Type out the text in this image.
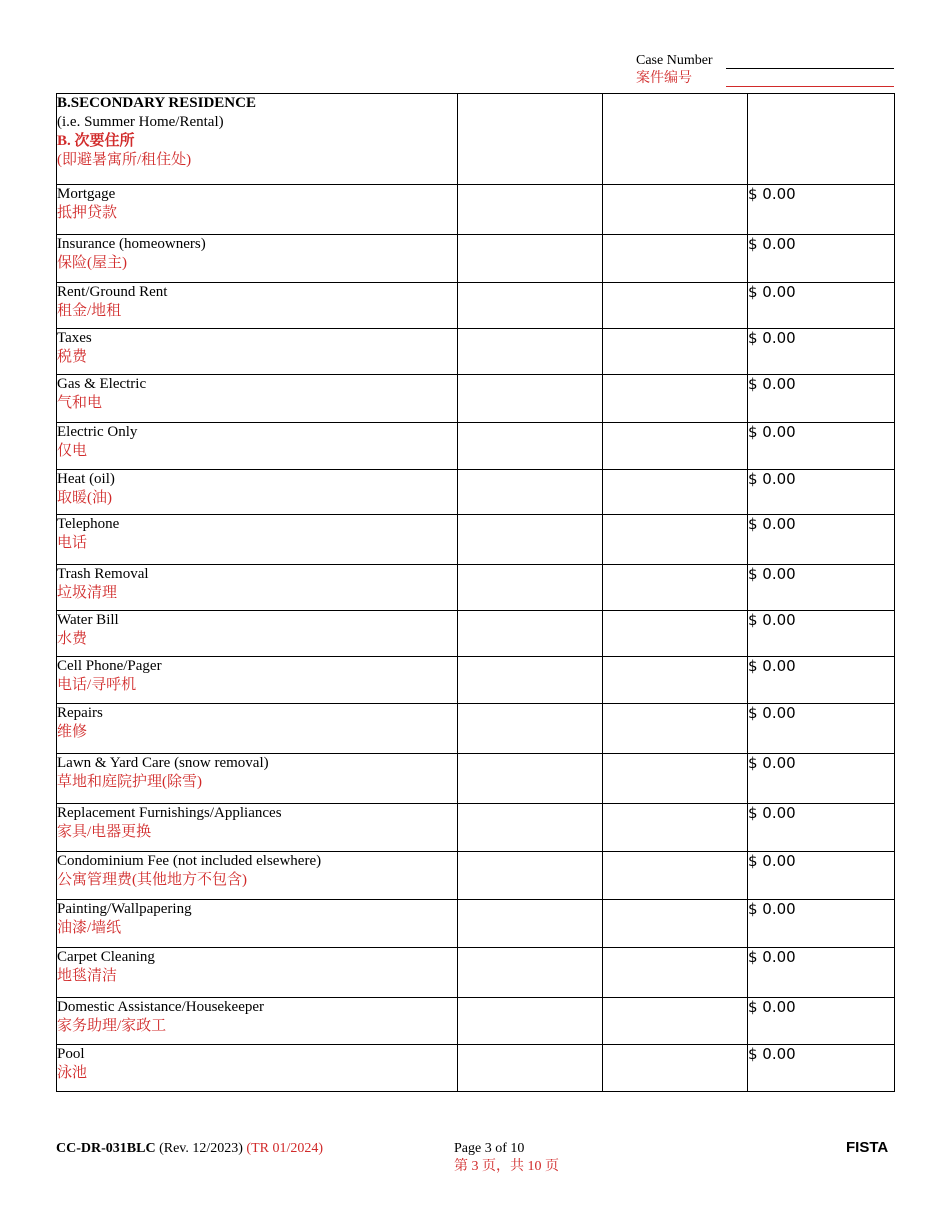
Case Number
案件编号
B.SECONDARY RESIDENCE
(i.e. Summer Home/Rental)
B. 次要住所
(即避暑寓所/租住处)			

Mortgage
抵押贷款			$ 0.00

Insurance (homeowners)
保险(屋主)			$ 0.00

Rent/Ground Rent
租金/地租			$ 0.00

Taxes
税费			$ 0.00

Gas & Electric
气和电			$ 0.00

Electric Only
仅电			$ 0.00

Heat (oil)
取暖(油)			$ 0.00

Telephone
电话			$ 0.00

Trash Removal
垃圾清理			$ 0.00

Water Bill
水费			$ 0.00

Cell Phone/Pager
电话/寻呼机			$ 0.00

Repairs
维修			$ 0.00

Lawn & Yard Care (snow removal)
草地和庭院护理(除雪)			$ 0.00

Replacement Furnishings/Appliances
家具/电器更换			$ 0.00

Condominium Fee (not included elsewhere)
公寓管理费(其他地方不包含)			$ 0.00

Painting/Wallpapering
油漆/墙纸			$ 0.00

Carpet Cleaning
地毯清洁			$ 0.00

Domestic Assistance/Housekeeper
家务助理/家政工			$ 0.00

Pool
泳池			$ 0.00
CC-DR-031BLC (Rev. 12/2023) (TR 01/2024)	Page 3 of 10
第 3 页，共 10 页
FISTA
